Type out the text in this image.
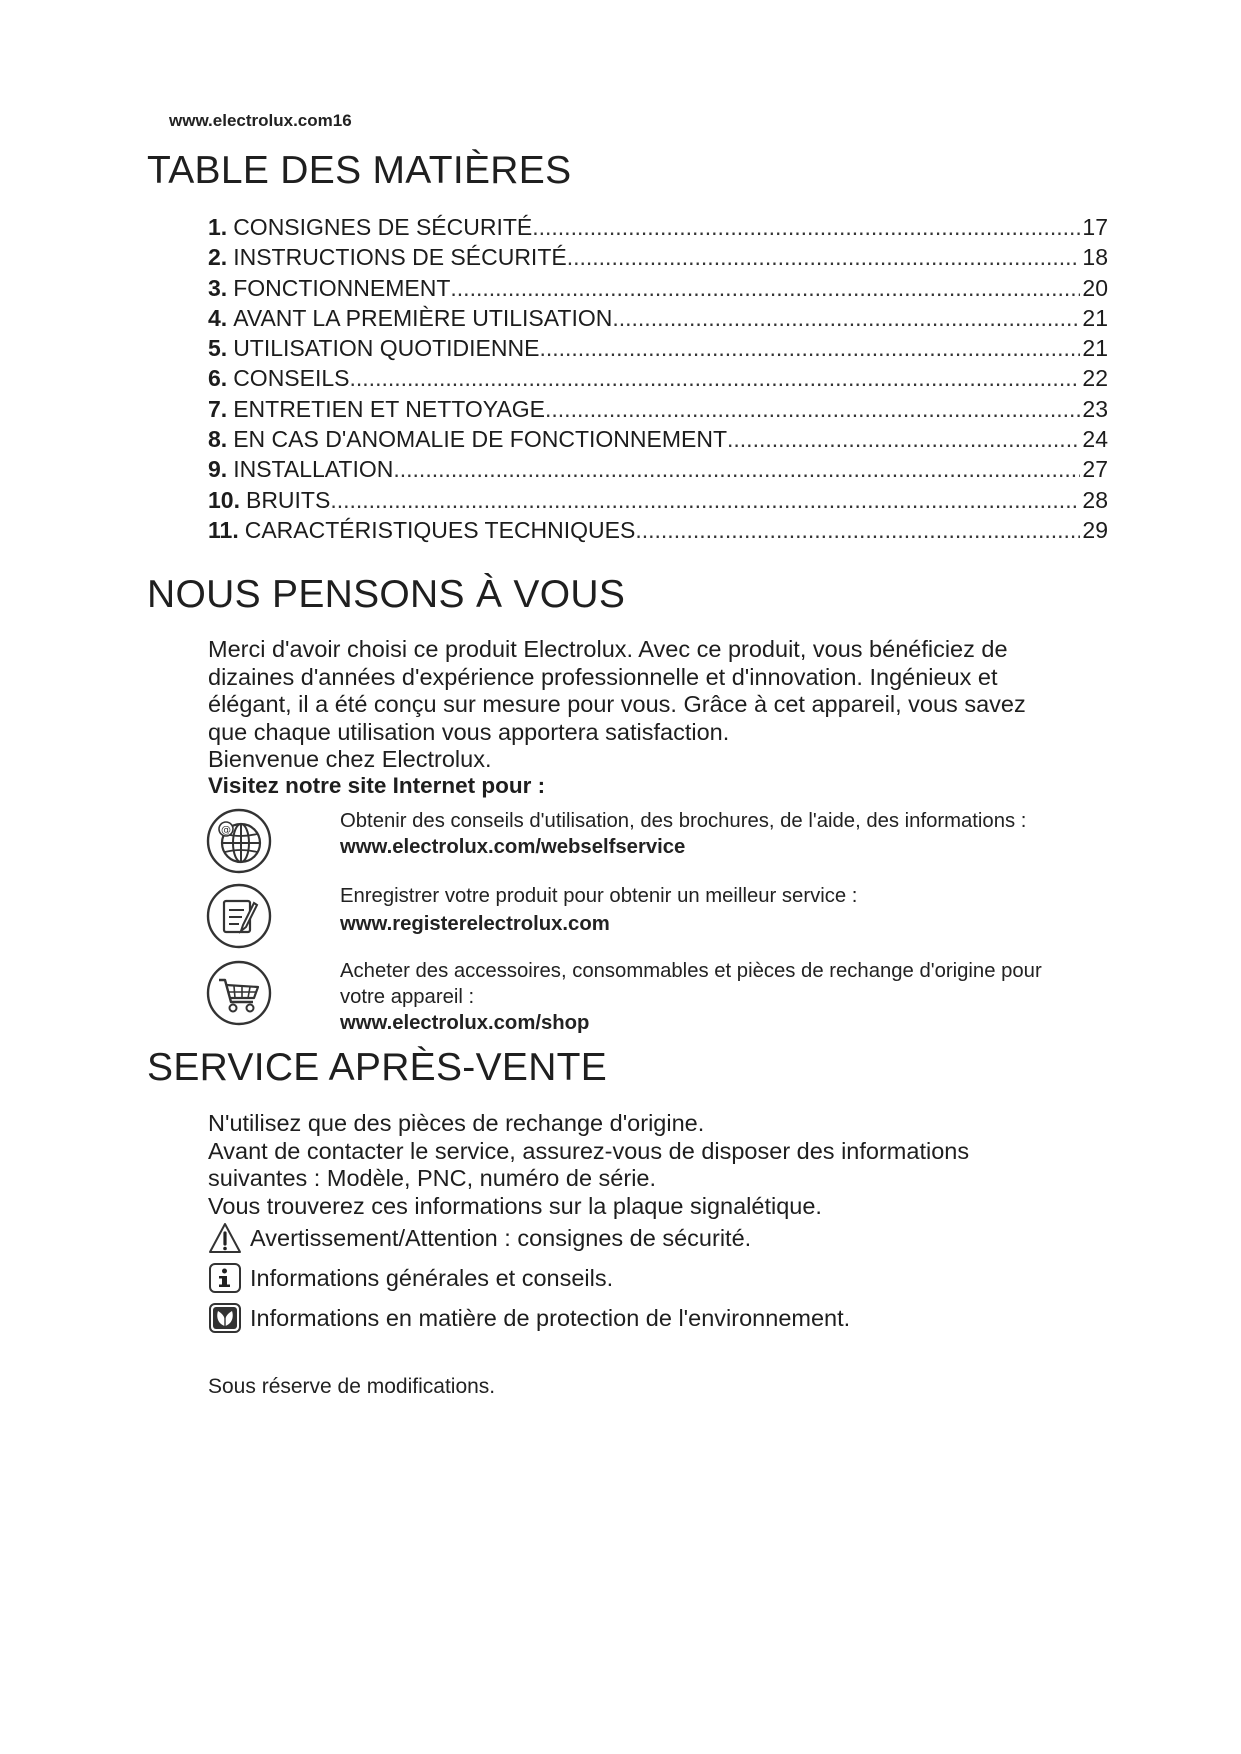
www.electrolux.com16
TABLE DES MATIÈRES
1. CONSIGNES DE SÉCURITÉ .....	17
2. INSTRUCTIONS DE SÉCURITÉ .....	18
3. FONCTIONNEMENT .....	20
4. AVANT LA PREMIÈRE UTILISATION .....	21
5. UTILISATION QUOTIDIENNE .....	21
6. CONSEILS .....	22
7. ENTRETIEN ET NETTOYAGE .....	23
8. EN CAS D'ANOMALIE DE FONCTIONNEMENT .....	24
9. INSTALLATION .....	27
10. BRUITS .....	28
11. CARACTÉRISTIQUES TECHNIQUES .....	29
NOUS PENSONS À VOUS
Merci d'avoir choisi ce produit Electrolux. Avec ce produit, vous bénéficiez de
dizaines d'années d'expérience professionnelle et d'innovation. Ingénieux et
élégant, il a été conçu sur mesure pour vous. Grâce à cet appareil, vous savez
que chaque utilisation vous apportera satisfaction.
Bienvenue chez Electrolux.
Visitez notre site Internet pour :
@	Obtenir des conseils d'utilisation, des brochures, de l'aide, des informations :
www.electrolux.com/webselfservice
Enregistrer votre produit pour obtenir un meilleur service :
www.registerelectrolux.com
Acheter des accessoires, consommables et pièces de rechange d'origine pour
votre appareil :
www.electrolux.com/shop
SERVICE APRÈS-VENTE
N'utilisez que des pièces de rechange d'origine.
Avant de contacter le service, assurez-vous de disposer des informations
suivantes : Modèle, PNC, numéro de série.
Vous trouverez ces informations sur la plaque signalétique.
Avertissement/Attention : consignes de sécurité.
Informations générales et conseils.
Informations en matière de protection de l'environnement.
Sous réserve de modifications.
